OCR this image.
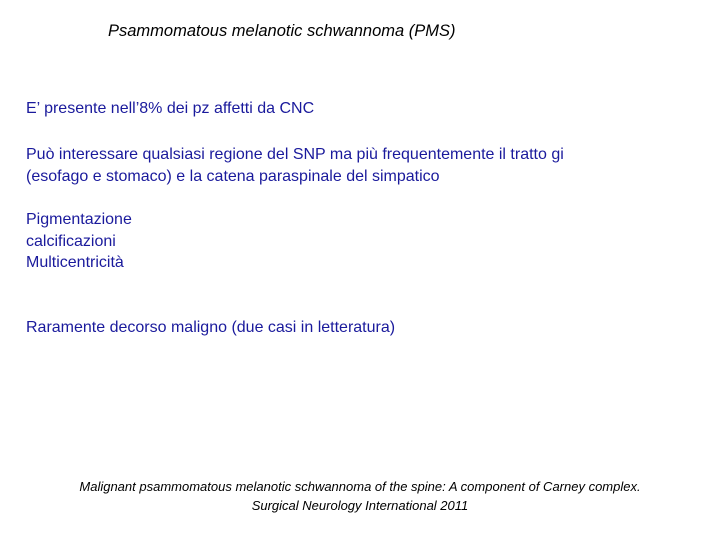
Psammomatous melanotic schwannoma (PMS)
E’ presente nell’8% dei pz affetti da CNC
Può interessare qualsiasi regione del SNP ma più frequentemente il tratto gi
(esofago e stomaco) e la catena paraspinale del simpatico
Pigmentazione
calcificazioni
Multicentricità
Raramente decorso maligno (due casi in letteratura)
Malignant psammomatous melanotic schwannoma of the spine: A component of Carney complex.
Surgical Neurology International 2011
